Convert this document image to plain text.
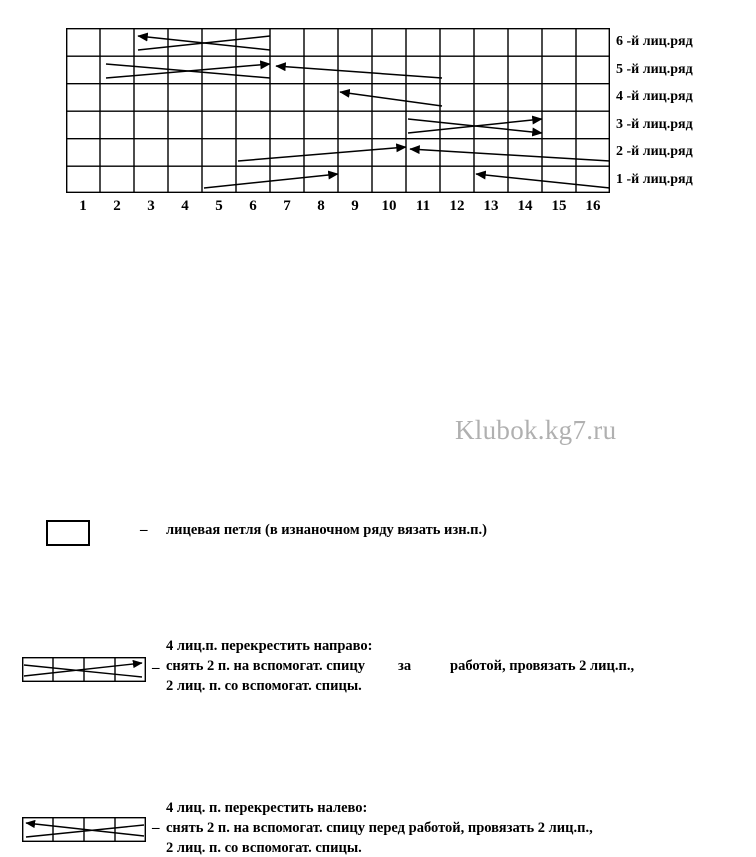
6 -й лиц.ряд
5 -й лиц.ряд
4 -й лиц.ряд
3 -й лиц.ряд
2 -й лиц.ряд
1 -й лиц.ряд
1	2	3	4	5	6	7	8	9	10	11	12	13	14	15	16
– лицевая петля (в изнаночном ряду вязать изн.п.)
–
4 лиц.п. перекрестить направо:
снять 2 п. на вспомогат. спицу за	работой, провязать 2 лиц.п.,
2 лиц. п. со вспомогат. спицы.
–
4 лиц. п. перекрестить налево:
снять 2 п. на вспомогат. спицу перед работой, провязать 2 лиц.п.,
2 лиц. п. со вспомогат. спицы.
Klubok.kg7.ru
